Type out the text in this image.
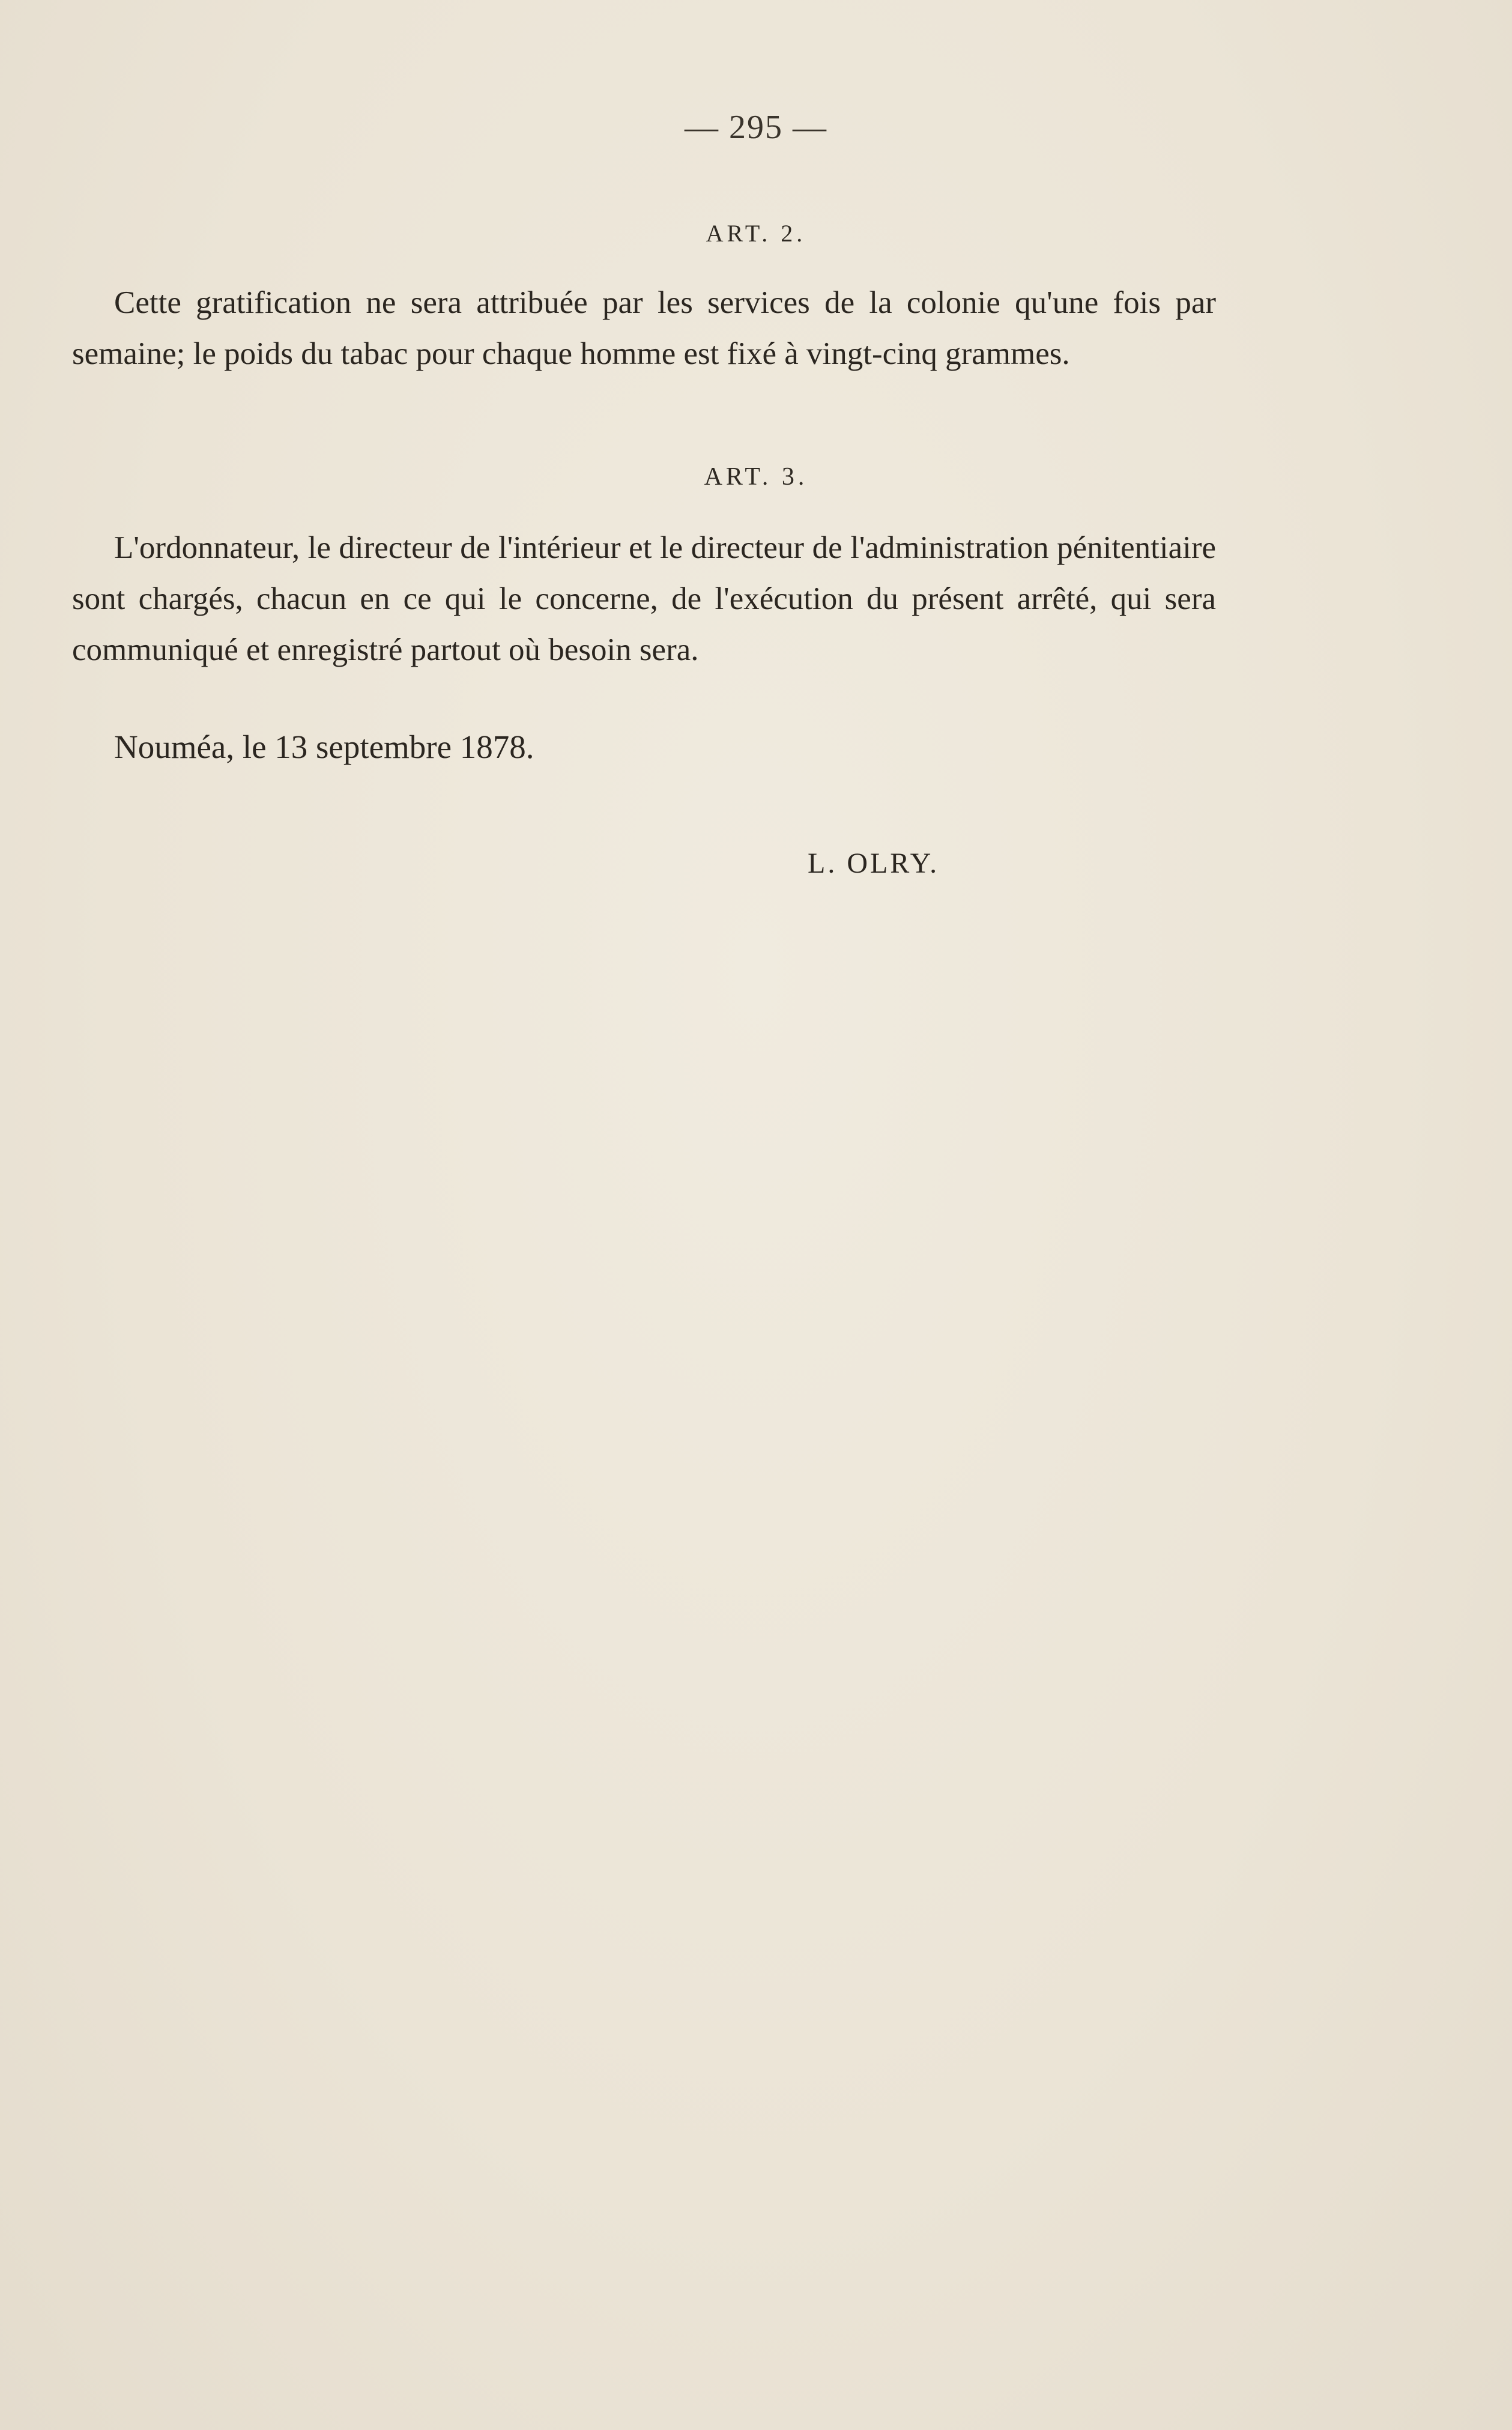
— 295 —
ART. 2.

Cette gratification ne sera attribuée par les services de la colonie qu'une fois par semaine; le poids du tabac pour chaque homme est fixé à vingt-cinq grammes.

ART. 3.

L'ordonnateur, le directeur de l'intérieur et le directeur de l'administration pénitentiaire sont chargés, chacun en ce qui le concerne, de l'exécution du présent arrêté, qui sera communiqué et enregistré partout où besoin sera.

Nouméa, le 13 septembre 1878.
L. OLRY.
